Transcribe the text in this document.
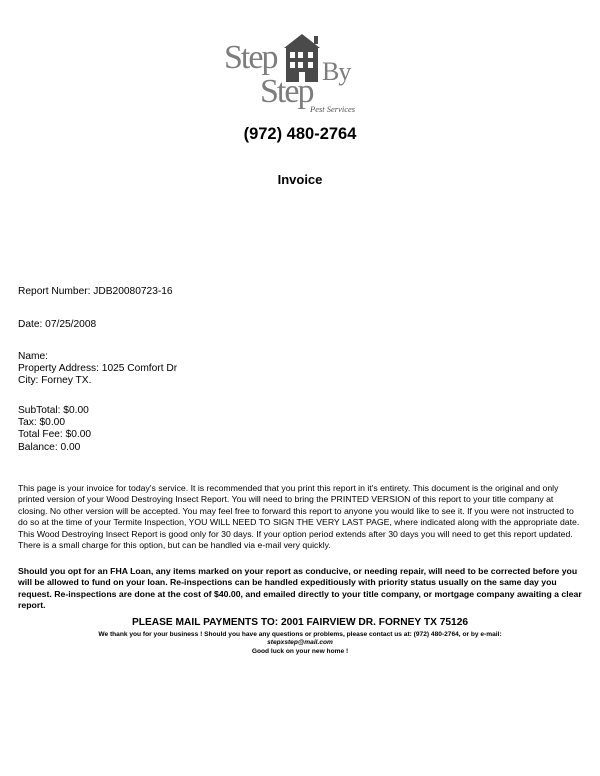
Step By
Step
Pest Services
(972) 480-2764
Invoice
Report Number: JDB20080723-16
Date: 07/25/2008
Name:
Property Address: 1025 Comfort Dr
City: Forney TX.
SubTotal: $0.00
Tax: $0.00
Total Fee: $0.00
Balance: 0.00
This page is your invoice for today's service. It is recommended that you print this report in it's entirety. This document is the original and only printed version of your Wood Destroying Insect Report. You will need to bring the PRINTED VERSION of this report to your title company at closing. No other version will be accepted. You may feel free to forward this report to anyone you would like to see it. If you were not instructed to do so at the time of your Termite Inspection, YOU WILL NEED TO SIGN THE VERY LAST PAGE, where indicated along with the appropriate date.
This Wood Destroying Insect Report is good only for 30 days. If your option period extends after 30 days you will need to get this report updated. There is a small charge for this option, but can be handled via e-mail very quickly.
Should you opt for an FHA Loan, any items marked on your report as conducive, or needing repair, will need to be corrected before you will be allowed to fund on your loan. Re-inspections can be handled expeditiously with priority status usually on the same day you request. Re-inspections are done at the cost of $40.00, and emailed directly to your title company, or mortgage company awaiting a clear report.
PLEASE MAIL PAYMENTS TO: 2001 FAIRVIEW DR. FORNEY TX 75126
We thank you for your business ! Should you have any questions or problems, please contact us at: (972) 480-2764, or by e-mail:
stepxstep@mail.com
Good luck on your new home !
